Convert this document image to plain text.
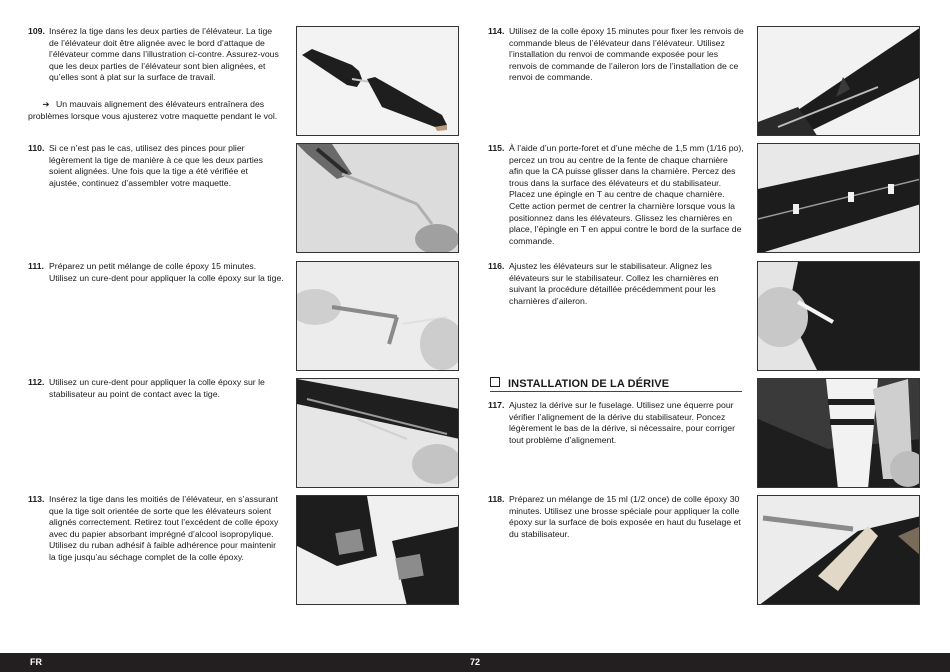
109. Insérez la tige dans les deux parties de l’élévateur. La tige de l’élévateur doit être alignée avec le bord d’attaque de l’élévateur comme dans l’illustration ci-contre. Assurez-vous que les deux parties de l’élévateur sont bien alignées, et qu’elles sont à plat sur la surface de travail.
➔ Un mauvais alignement des élévateurs entraînera des problèmes lorsque vous ajusterez votre maquette pendant le vol.
110. Si ce n’est pas le cas, utilisez des pinces pour plier légèrement la tige de manière à ce que les deux parties soient alignées. Une fois que la tige a été vérifiée et ajustée, continuez d’assembler votre maquette.
111. Préparez un petit mélange de colle époxy 15 minutes. Utilisez un cure-dent pour appliquer la colle époxy sur la tige.
112. Utilisez un cure-dent pour appliquer la colle époxy sur le stabilisateur au point de contact avec la tige.
113. Insérez la tige dans les moitiés de l’élévateur, en s’assurant que la tige soit orientée de sorte que les élévateurs soient alignés correctement. Retirez tout l’excédent de colle époxy avec du papier absorbant imprégné d’alcool isopropylique. Utilisez du ruban adhésif à faible adhérence pour maintenir la tige jusqu’au séchage complet de la colle époxy.
114. Utilisez de la colle époxy 15 minutes pour fixer les renvois de commande bleus de l’élévateur dans l’élévateur. Utilisez l’installation du renvoi de commande exposée pour les renvois de commande de l’aileron lors de l’installation de ce renvoi de commande.
115. À l’aide d’un porte-foret et d’une mèche de 1,5 mm (1/16 po), percez un trou au centre de la fente de chaque charnière afin que la CA puisse glisser dans la charnière. Percez des trous dans la surface des élévateurs et du stabilisateur. Placez une épingle en T au centre de chaque charnière. Cette action permet de centrer la charnière lorsque vous la positionnez dans les élévateurs. Glissez les charnières en place, l’épingle en T en appui contre le bord de la surface de commande.
116. Ajustez les élévateurs sur le stabilisateur. Alignez les élévateurs sur le stabilisateur. Collez les charnières en suivant la procédure détaillée précédemment pour les charnières d’aileron.
INSTALLATION DE LA DÉRIVE
117. Ajustez la dérive sur le fuselage. Utilisez une équerre pour vérifier l’alignement de la dérive du stabilisateur. Poncez légèrement le bas de la dérive, si nécessaire, pour corriger tout problème d’alignement.
118. Préparez un mélange de 15 ml (1/2 once) de colle époxy 30 minutes. Utilisez une brosse spéciale pour appliquer la colle époxy sur la surface de bois exposée en haut du fuselage et du stabilisateur.
FR	72
